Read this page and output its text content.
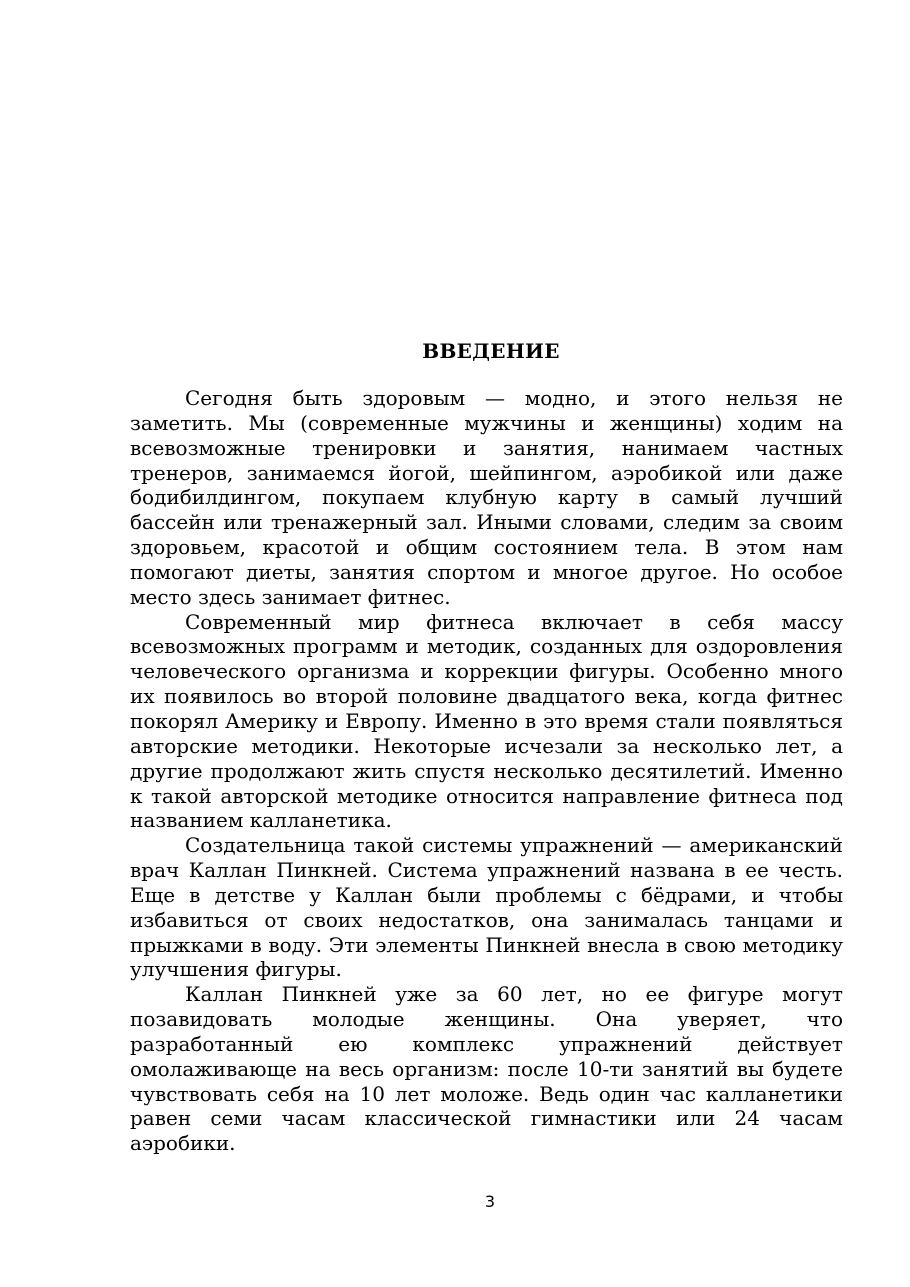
ВВЕДЕНИЕ

Сегодня быть здоровым — модно, и этого нельзя не заметить. Мы (современные мужчины и женщины) ходим на всевозможные тренировки и занятия, нанимаем частных тренеров, занимаемся йогой, шейпингом, аэробикой или даже бодибилдингом, покупаем клубную карту в самый лучший бассейн или тренажерный зал. Иными словами, следим за своим здоровьем, красотой и общим состоянием тела. В этом нам помогают диеты, занятия спортом и многое другое. Но особое место здесь занимает фитнес.

Современный мир фитнеса включает в себя массу всевозможных программ и методик, созданных для оздоровления человеческого организма и коррекции фигуры. Особенно много их появилось во второй половине двадцатого века, когда фитнес покорял Америку и Европу. Именно в это время стали появляться авторские методики. Некоторые исчезали за несколько лет, а другие продолжают жить спустя несколько десятилетий. Именно к такой авторской методике относится направление фитнеса под названием калланетика.

Создательница такой системы упражнений — американский врач Каллан Пинкней. Система упражнений названа в ее честь. Еще в детстве у Каллан были проблемы с бёдрами, и чтобы избавиться от своих недостатков, она занималась танцами и прыжками в воду. Эти элементы Пинкней внесла в свою методику улучшения фигуры.

Каллан Пинкней уже за 60 лет, но ее фигуре могут позавидовать молодые женщины. Она уверяет, что разработанный ею комплекс упражнений действует омолаживающе на весь организм: после 10-ти занятий вы будете чувствовать себя на 10 лет моложе. Ведь один час калланетики равен семи часам классической гимнастики или 24 часам аэробики.

3
